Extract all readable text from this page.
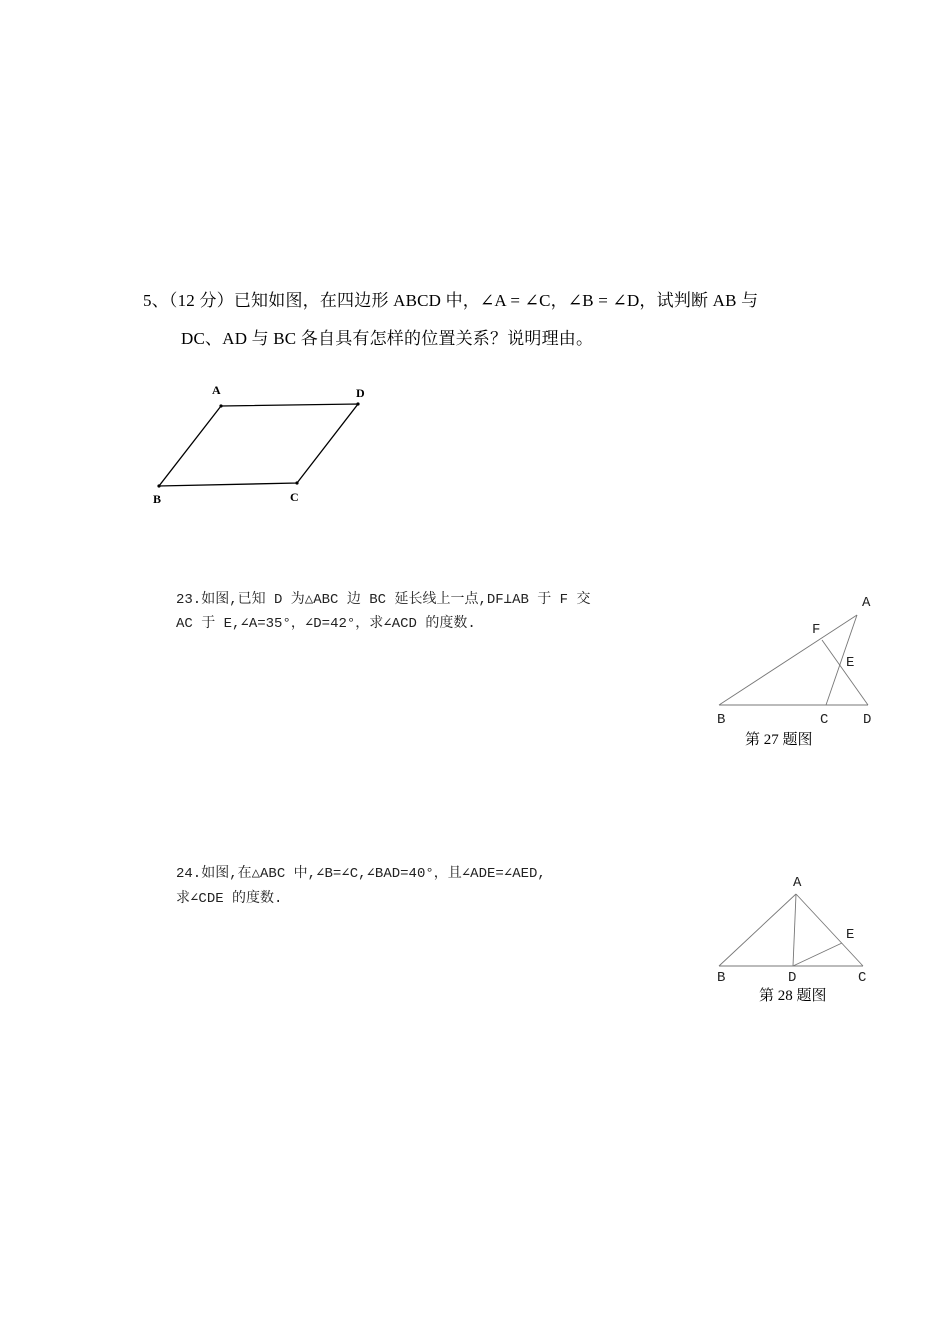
5、（12 分）已知如图，在四边形 ABCD 中，∠A = ∠C，∠B = ∠D，试判断 AB 与
DC、AD 与 BC 各自具有怎样的位置关系？说明理由。
A	D
B	C
23.如图,已知 D 为△ABC 边 BC 延长线上一点,DF⊥AB 于 F 交
AC 于 E,∠A=35°，∠D=42°，求∠ACD 的度数.
A
F
E
B	C D
第 27 题图
24.如图,在△ABC 中,∠B=∠C,∠BAD=40°，且∠ADE=∠AED,
求∠CDE 的度数.
A
E
B	D	C
第 28 题图
